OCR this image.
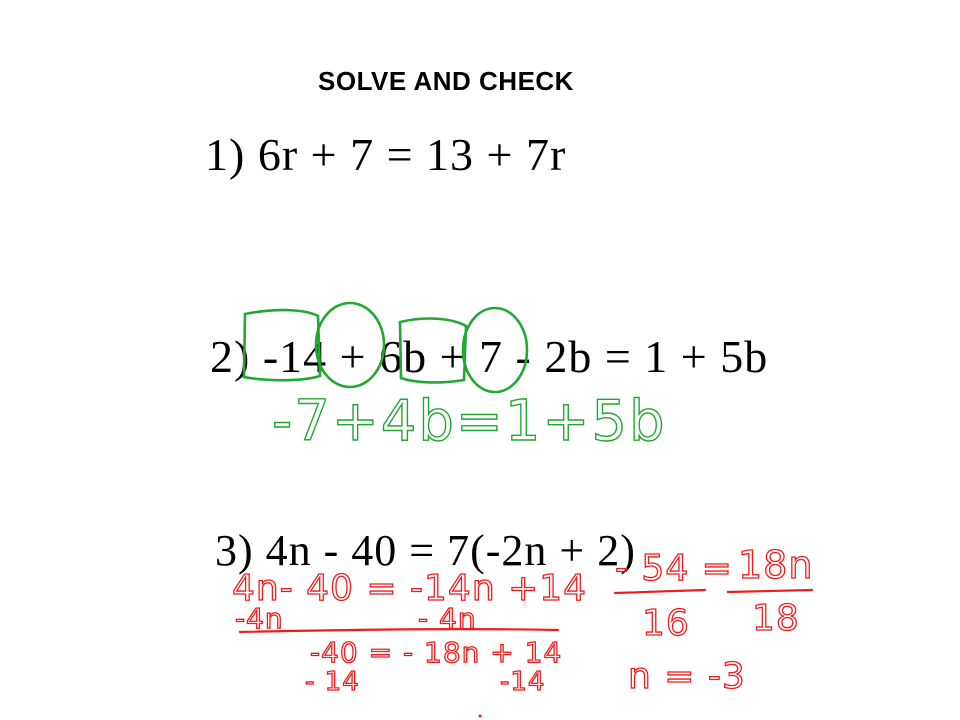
SOLVE AND CHECK
1) 6r + 7 = 13 + 7r
2) -14 + 6b + 7 - 2b = 1 + 5b
3) 4n - 40 = 7(-2n + 2)
-7+4b=1+5b
4n- 40 = -14n +14
-4n	- 4n
-40 = - 18n + 14
- 14	-14
- 54 = 18n
16 18
n = -3
